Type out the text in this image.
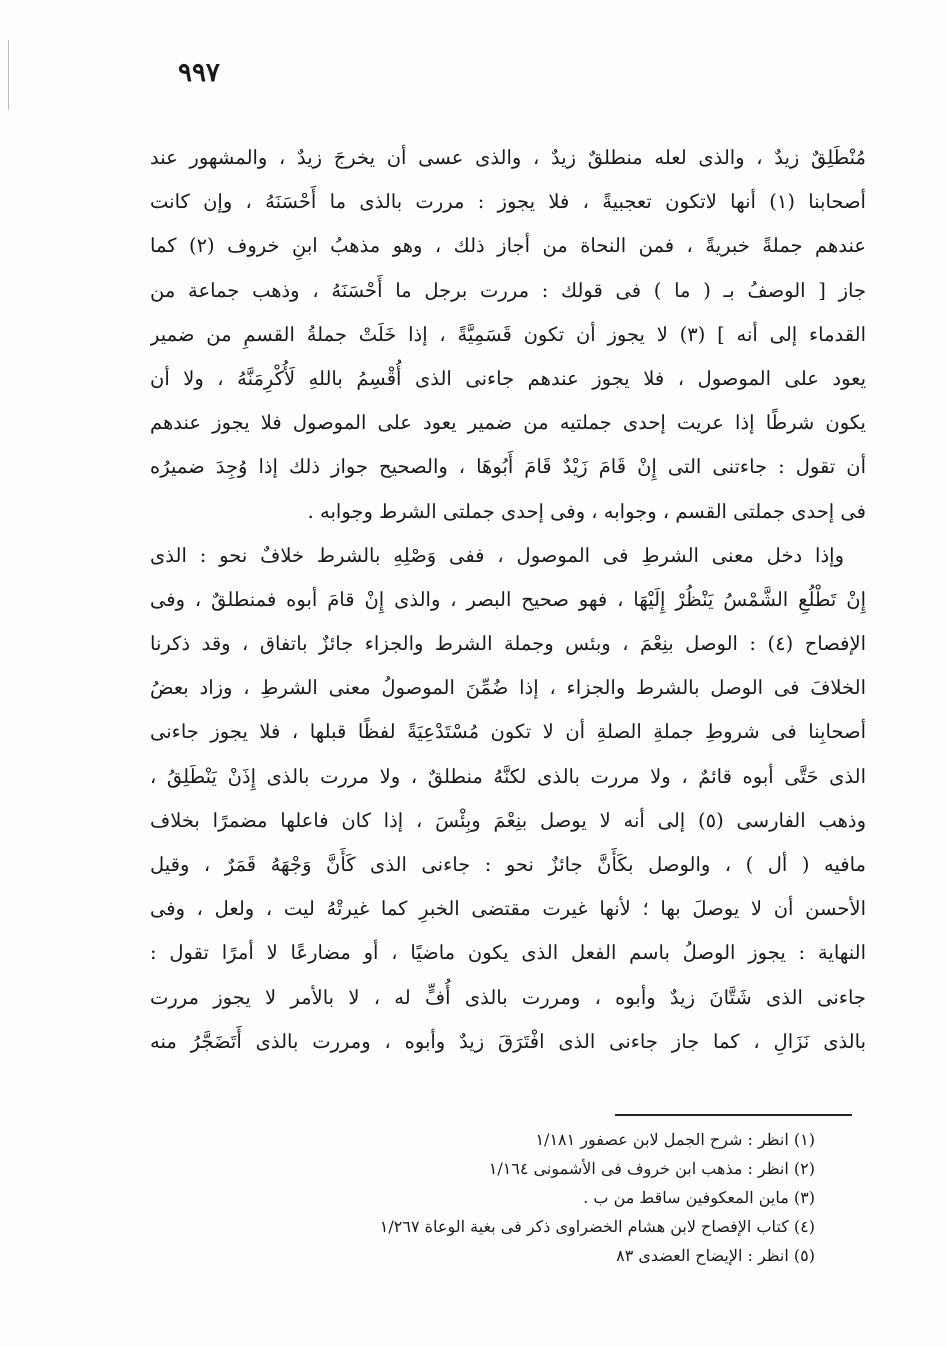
٩٩٧
مُنْطَلِقٌ زيدٌ ، والذى لعله منطلقٌ زيدٌ ، والذى عسى أن يخرجَ زيدٌ ، والمشهور عند
أصحابنا (١) أنها لاتكون تعجبيةً ، فلا يجوز : مررت بالذى ما أَحْسَنَهُ ، وإن كانت
عندهم جملةً خبريةً ، فمن النحاة من أجاز ذلك ، وهو مذهبُ ابنِ خروف (٢) كما
جاز [ الوصفُ بـ ( ما ) فى قولك : مررت برجل ما أَحْسَنَهُ ، وذهب جماعة من
القدماء إلى أنه ] (٣) لا يجوز أن تكون قَسَمِيَّةً ، إذا خَلَتْ جملةُ القسمِ من ضمير
يعود على الموصول ، فلا يجوز عندهم جاءنى الذى أُقْسِمُ باللهِ لَأُكْرِمَنَّهُ ، ولا أن
يكون شرطًا إذا عريت إحدى جملتيه من ضمير يعود على الموصول فلا يجوز عندهم
أن تقول : جاءتنى التى إِنْ قَامَ زَيْدٌ قَامَ أَبُوهَا ، والصحيح جواز ذلك إذا وُجِدَ ضميرُه
فى إحدى جملتى القسم ، وجوابه ، وفى إحدى جملتى الشرط وجوابه .
وإذا دخل معنى الشرطِ فى الموصول ، ففى وَصْلِهِ بالشرط خلافٌ نحو : الذى
إِنْ تَطْلُعِ الشَّمْسُ يَنْظُرْ إِلَيْهَا ، فهو صحيح البصر ، والذى إِنْ قامَ أبوه فمنطلقٌ ، وفى
الإفصاح (٤) : الوصل بنِعْمَ ، وبئس وجملة الشرط والجزاء جائزٌ باتفاق ، وقد ذكرنا
الخلافَ فى الوصل بالشرط والجزاء ، إذا ضُمِّنَ الموصولُ معنى الشرطِ ، وزاد بعضُ
أصحابِنا فى شروطِ جملةِ الصلةِ أن لا تكون مُسْتَدْعِيَةً لفظًا قبلها ، فلا يجوز جاءنى
الذى حَتَّى أبوه قائمٌ ، ولا مررت بالذى لكنَّهُ منطلقٌ ، ولا مررت بالذى إِذَنْ يَنْطَلِقُ ،
وذهب الفارسى (٥) إلى أنه لا يوصل بنِعْمَ وبِئْسَ ، إذا كان فاعلها مضمرًا بخلاف
مافيه ( أل ) ، والوصل بكَأَنَّ جائزٌ نحو : جاءنى الذى كَأَنَّ وَجْهَهُ قَمَرٌ ، وقيل
الأحسن أن لا يوصلَ بها ؛ لأنها غيرت مقتضى الخبرِ كما غيرتْهُ ليت ، ولعل ، وفى
النهاية : يجوز الوصلُ باسم الفعل الذى يكون ماضيًا ، أو مضارعًا لا أمرًا تقول :
جاءنى الذى شَتَّانَ زيدٌ وأبوه ، ومررت بالذى أُفٍّ له ، لا بالأمر لا يجوز مررت
بالذى نَزَالِ ، كما جاز جاءنى الذى افْتَرَقَ زيدٌ وأبوه ، ومررت بالذى أَتَضَجَّرُ منه
(١) انظر : شرح الجمل لابن عصفور ١/١٨١
(٢) انظر : مذهب ابن خروف فى الأشمونى ١/١٦٤
(٣) ماين المعكوفين ساقط من ب .
(٤) كتاب الإفصاح لابن هشام الخضراوى ذكر فى بغية الوعاة ١/٢٦٧
(٥) انظر : الإيضاح العضدى ٨٣
